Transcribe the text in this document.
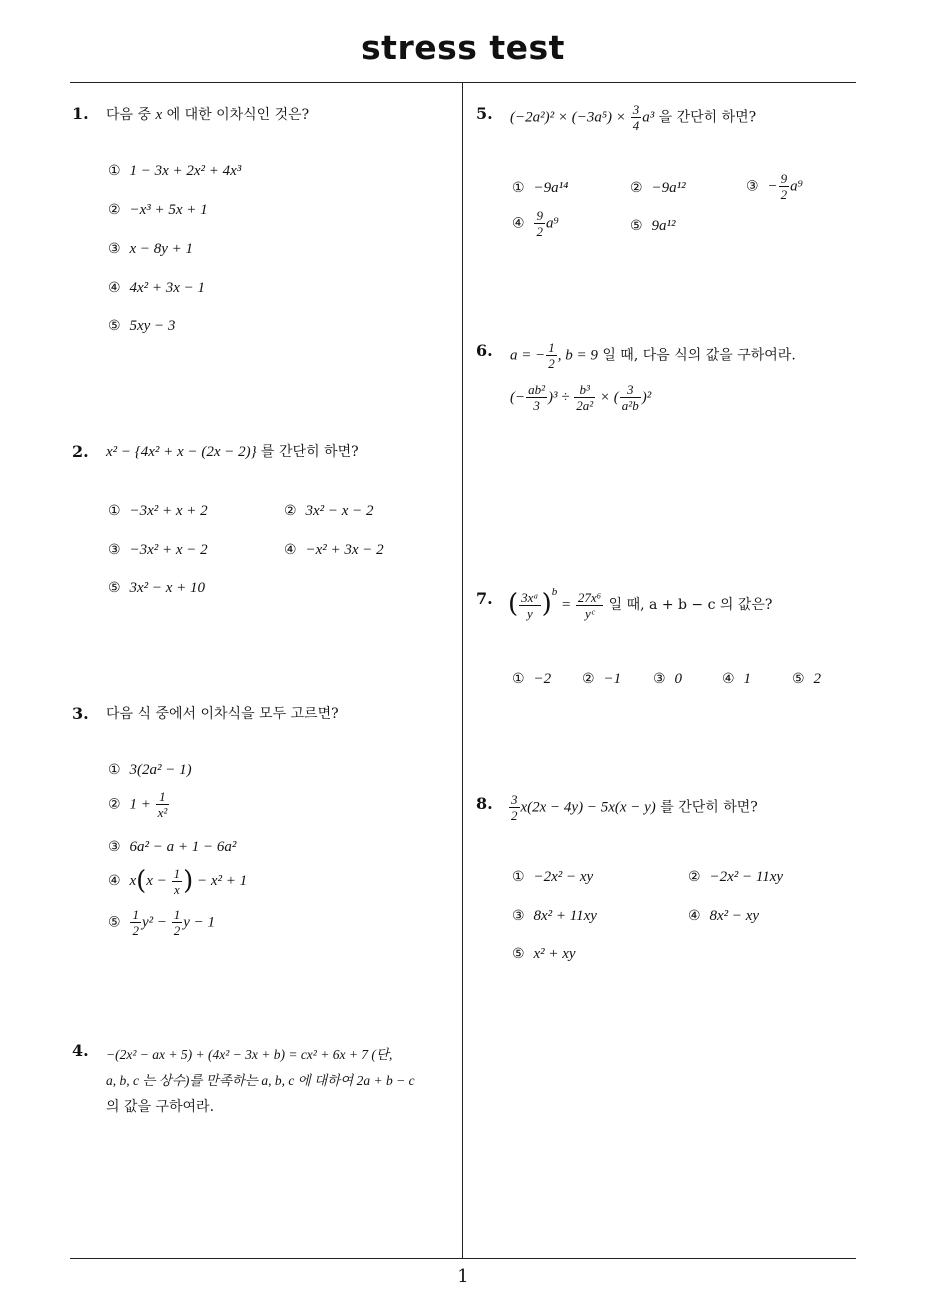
stress test
1
1. 다음 중 x 에 대한 이차식인 것은?
① 1 − 3x + 2x² + 4x³
② −x³ + 5x + 1
③ x − 8y + 1
④ 4x² + 3x − 1
⑤ 5xy − 3
2. x² − {4x² + x − (2x − 2)} 를 간단히 하면?
① −3x² + x + 2	② 3x² − x − 2
③ −3x² + x − 2	④ −x² + 3x − 2
⑤ 3x² − x + 10
3. 다음 식 중에서 이차식을 모두 고르면?
① 3(2a² − 1)
② $1 + \frac{1}{\text{x²}}$
③ 6a² − a + 1 − 6a²
④ $x(x - \frac{1}{x}$ ) − x² + 1
⑤ $\frac{1}{2} y^2 - \frac{1}{2}$ y − 1
4. −(2x² − ax + 5) + (4x² − 3x + b) = cx² + 6x + 7 (단,
a, b, c 는 상수)를 만족하는 a, b, c 에 대하여 2a + b − c
의 값을 구하여라.
5. $(-2a^2)^2 \times (-3a^5) \times \frac{3}{4} a^3$ 을 간단히 하면?
① −9a¹⁴	② −9a¹²	③ − $\frac{9}{2} a^9$
④ $\frac{9}{2} a^9$	⑤ 9a¹²
6. a = − $\frac{1}{2}$ , b = 9 일 때, 다음 식의 값을 구하여라.
(− $\frac{\text{ab²}}{3} )^3 \div \frac{\text{b³}}{\text{2a²}}$ × ( $\frac{3}{\text{a²b}} )^2$
7. ( $\frac{\text{3xᵃ}}{y} )^b = \frac{\text{27x⁶}}{\text{yᶜ}}$ 일 때, a + b − c 의 값은?
① −2 ② −1 ③ 0	④ 1	⑤ 2
8. $\frac{3}{2} x(2x - 4y) - 5x(x - y)$ 를 간단히 하면?
① −2x² − xy	② −2x² − 11xy
③ 8x² + 11xy	④ 8x² − xy
⑤ x² + xy
